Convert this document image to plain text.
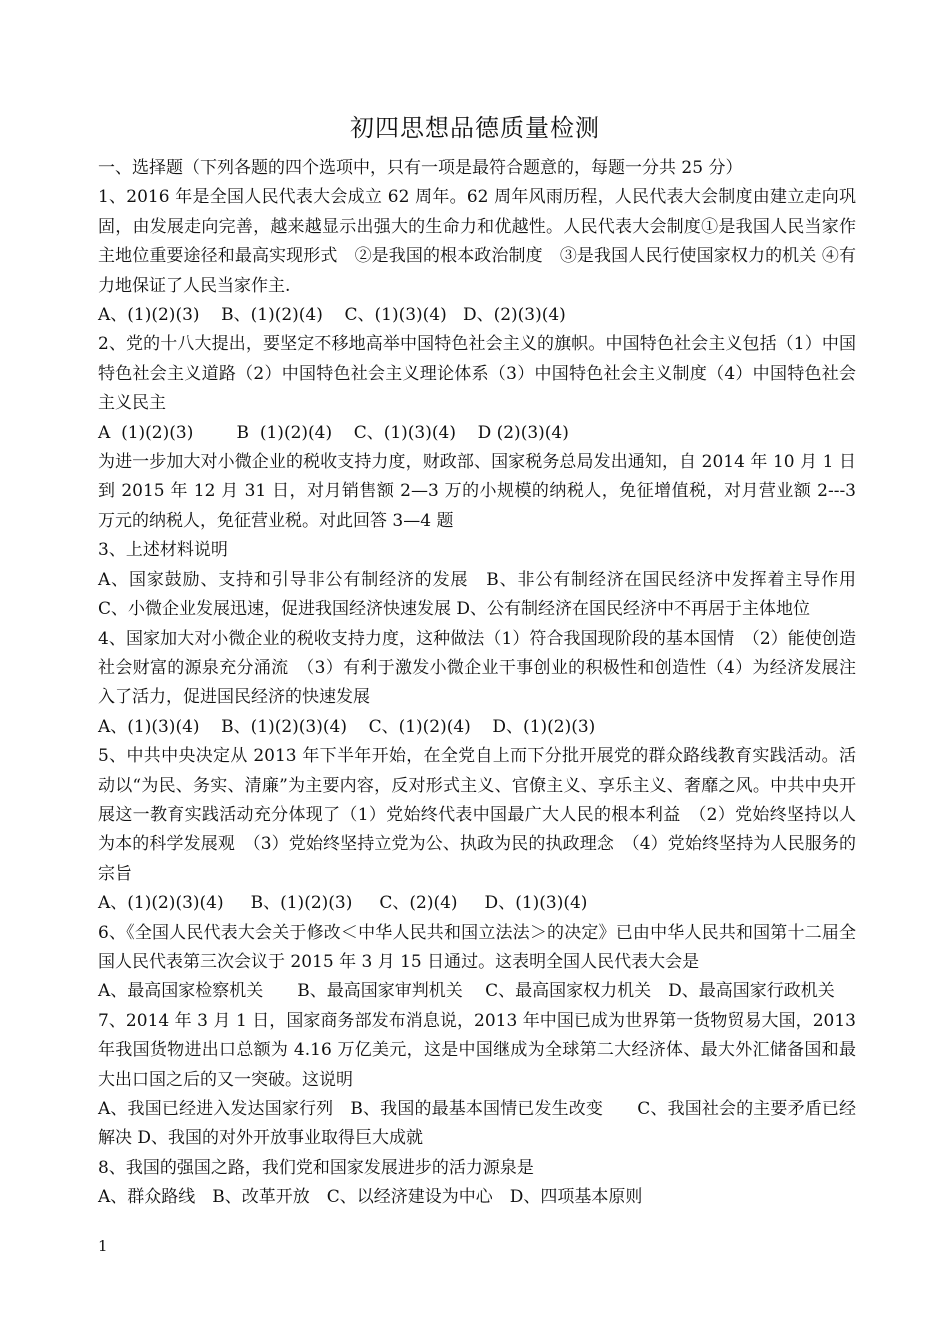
初四思想品德质量检测

一、选择题（下列各题的四个选项中，只有一项是最符合题意的，每题一分共 25 分）

1、2016 年是全国人民代表大会成立 62 周年。62 周年风雨历程，人民代表大会制度由建立走向巩固，由发展走向完善，越来越显示出强大的生命力和优越性。人民代表大会制度①是我国人民当家作主地位重要途径和最高实现形式　②是我国的根本政治制度　③是我国人民行使国家权力的机关 ④有力地保证了人民当家作主.

A、(1)(2)(3)    B、(1)(2)(4)    C、(1)(3)(4)   D、(2)(3)(4)

2、党的十八大提出，要坚定不移地高举中国特色社会主义的旗帜。中国特色社会主义包括（1）中国特色社会主义道路（2）中国特色社会主义理论体系（3）中国特色社会主义制度（4）中国特色社会主义民主

A  (1)(2)(3)        B  (1)(2)(4)    C、(1)(3)(4)    D (2)(3)(4)

为进一步加大对小微企业的税收支持力度，财政部、国家税务总局发出通知，自 2014 年 10 月 1 日到 2015 年 12 月 31 日，对月销售额 2—3 万的小规模的纳税人，免征增值税，对月营业额 2---3 万元的纳税人，免征营业税。对此回答 3—4 题

3、上述材料说明

A、国家鼓励、支持和引导非公有制经济的发展　B、非公有制经济在国民经济中发挥着主导作用　C、小微企业发展迅速，促进我国经济快速发展 D、公有制经济在国民经济中不再居于主体地位

4、国家加大对小微企业的税收支持力度，这种做法（1）符合我国现阶段的基本国情　（2）能使创造社会财富的源泉充分涌流　（3）有利于激发小微企业干事创业的积极性和创造性（4）为经济发展注入了活力，促进国民经济的快速发展

A、(1)(3)(4)    B、(1)(2)(3)(4)    C、(1)(2)(4)    D、(1)(2)(3)

5、中共中央决定从 2013 年下半年开始，在全党自上而下分批开展党的群众路线教育实践活动。活动以“为民、务实、清廉”为主要内容，反对形式主义、官僚主义、享乐主义、奢靡之风。中共中央开展这一教育实践活动充分体现了（1）党始终代表中国最广大人民的根本利益　（2）党始终坚持以人为本的科学发展观　（3）党始终坚持立党为公、执政为民的执政理念　（4）党始终坚持为人民服务的宗旨

A、(1)(2)(3)(4)     B、(1)(2)(3)     C、(2)(4)     D、(1)(3)(4)

6、《全国人民代表大会关于修改＜中华人民共和国立法法＞的决定》已由中华人民共和国第十二届全国人民代表第三次会议于 2015 年 3 月 15 日通过。这表明全国人民代表大会是

A、最高国家检察机关　　B、最高国家审判机关　 C、最高国家权力机关　D、最高国家行政机关

7、2014 年 3 月 1 日，国家商务部发布消息说，2013 年中国已成为世界第一货物贸易大国，2013 年我国货物进出口总额为 4.16 万亿美元，这是中国继成为全球第二大经济体、最大外汇储备国和最大出口国之后的又一突破。这说明

A、我国已经进入发达国家行列　B、我国的最基本国情已发生改变　　C、我国社会的主要矛盾已经解决 D、我国的对外开放事业取得巨大成就

8、我国的强国之路，我们党和国家发展进步的活力源泉是

A、群众路线　B、改革开放　C、以经济建设为中心　D、四项基本原则

1
